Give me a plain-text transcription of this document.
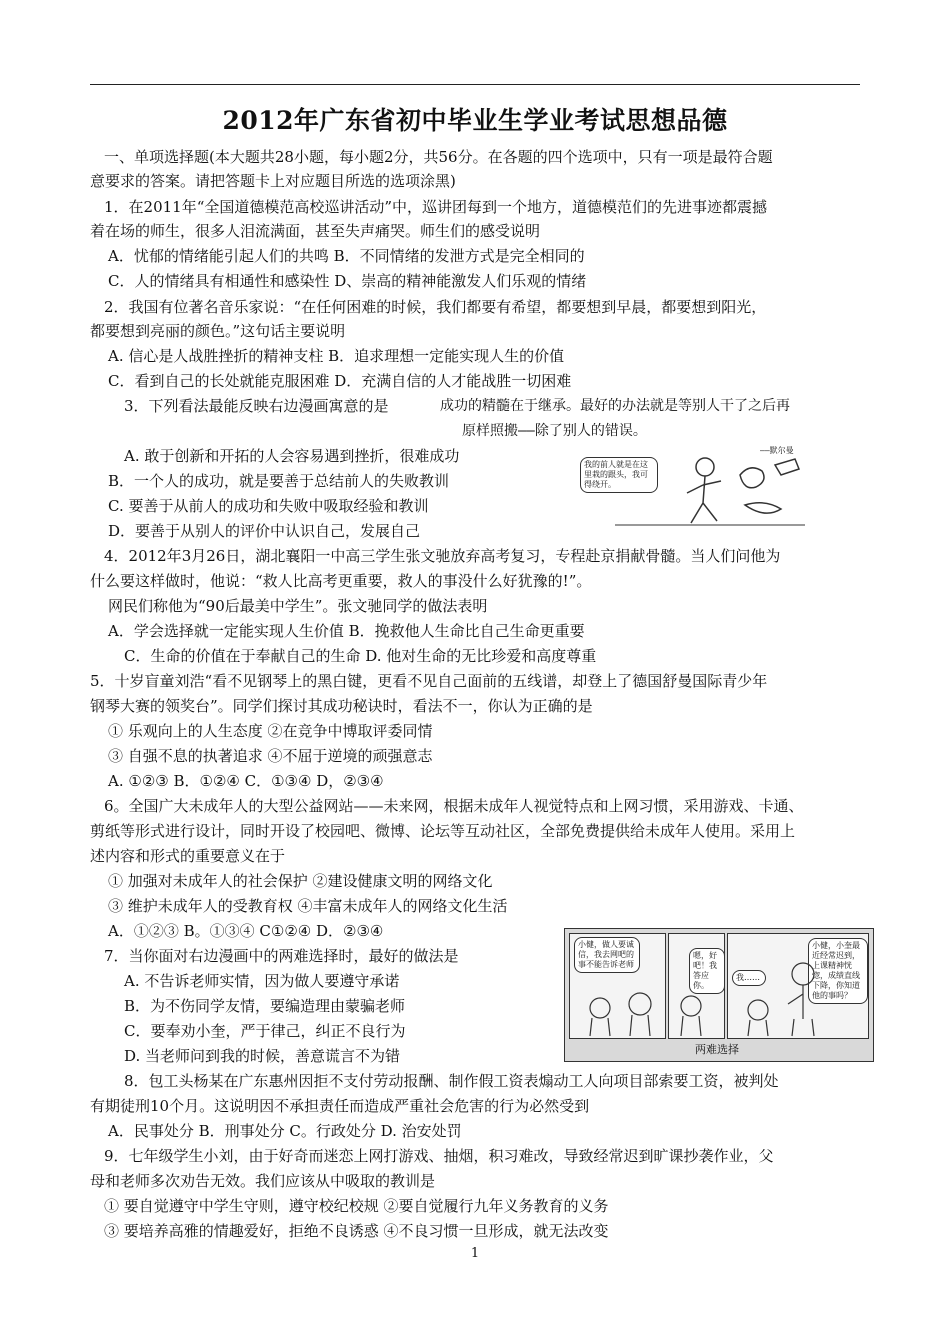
2012年广东省初中毕业生学业考试思想品德
一、单项选择题(本大题共28小题，每小题2分，共56分。在各题的四个选项中，只有一项是最符合题
意要求的答案。请把答题卡上对应题目所选的选项涂黑)
1．在2011年“全国道德模范高校巡讲活动”中，巡讲团每到一个地方，道德模范们的先进事迹都震撼
着在场的师生，很多人泪流满面，甚至失声痛哭。师生们的感受说明
A．忧郁的情绪能引起人们的共鸣 B．不同情绪的发泄方式是完全相同的
C．人的情绪具有相通性和感染性 D、崇高的精神能激发人们乐观的情绪
2．我国有位著名音乐家说：“在任何困难的时候，我们都要有希望，都要想到早晨，都要想到阳光，
都要想到亮丽的颜色。”这句话主要说明
A. 信心是人战胜挫折的精神支柱 B．追求理想一定能实现人生的价值
C．看到自己的长处就能克服困难 D．充满自信的人才能战胜一切困难
3．下列看法最能反映右边漫画寓意的是	成功的精髓在于继承。最好的办法就是等别人干了之后再
原样照搬——除了别人的错误。
A. 敢于创新和开拓的人会容易遇到挫折，很难成功
B．一个人的成功，就是要善于总结前人的失败教训
C. 要善于从前人的成功和失败中吸取经验和教训
D．要善于从别人的评价中认识自己，发展自己
我的前人就是在这里栽的跟头，我可得绕开。
——默尔曼
4．2012年3月26日，湖北襄阳一中高三学生张文驰放弃高考复习，专程赴京捐献骨髓。当人们问他为
什么要这样做时，他说：“救人比高考更重要，救人的事没什么好犹豫的!”。
网民们称他为“90后最美中学生”。张文驰同学的做法表明
A．学会选择就一定能实现人生价值 B．挽救他人生命比自己生命更重要
C．生命的价值在于奉献自己的生命 D. 他对生命的无比珍爱和高度尊重
5．十岁盲童刘浩“看不见钢琴上的黑白键，更看不见自己面前的五线谱，却登上了德国舒曼国际青少年
钢琴大赛的领奖台”。同学们探讨其成功秘诀时，看法不一，你认为正确的是
① 乐观向上的人生态度 ②在竞争中博取评委同情
③ 自强不息的执著追求 ④不屈于逆境的顽强意志
A. ①②③ B．①②④ C．①③④ D，②③④
6。全国广大未成年人的大型公益网站——未来网，根据未成年人视觉特点和上网习惯，采用游戏、卡通、
剪纸等形式进行设计，同时开设了校园吧、微博、论坛等互动社区，全部免费提供给未成年人使用。采用上
述内容和形式的重要意义在于
① 加强对未成年人的社会保护 ②建设健康文明的网络文化
③ 维护未成年人的受教育权 ④丰富未成年人的网络文化生活
A．①②③ B。①③④ C①②④ D．②③④
7．当你面对右边漫画中的两难选择时，最好的做法是
A. 不告诉老师实情，因为做人要遵守承诺
B．为不伤同学友情，要编造理由蒙骗老师
C．要奉劝小奎，严于律己，纠正不良行为
D. 当老师问到我的时候，善意谎言不为错
小健，做人要诚信，我去网吧的事不能告诉老师
嗯，好吧！我答应你。
我……
小健，小奎最近经常迟到，上课精神恍惚，成绩直线下降，你知道他的事吗？
两难选择
8．包工头杨某在广东惠州因拒不支付劳动报酬、制作假工资表煽动工人向项目部索要工资，被判处
有期徒刑10个月。这说明因不承担责任而造成严重社会危害的行为必然受到
A．民事处分 B．刑事处分 C。行政处分 D. 治安处罚
9．七年级学生小刘，由于好奇而迷恋上网打游戏、抽烟，积习难改，导致经常迟到旷课抄袭作业，父
母和老师多次劝告无效。我们应该从中吸取的教训是
① 要自觉遵守中学生守则，遵守校纪校规 ②要自觉履行九年义务教育的义务
③ 要培养高雅的情趣爱好，拒绝不良诱惑 ④不良习惯一旦形成，就无法改变
1
